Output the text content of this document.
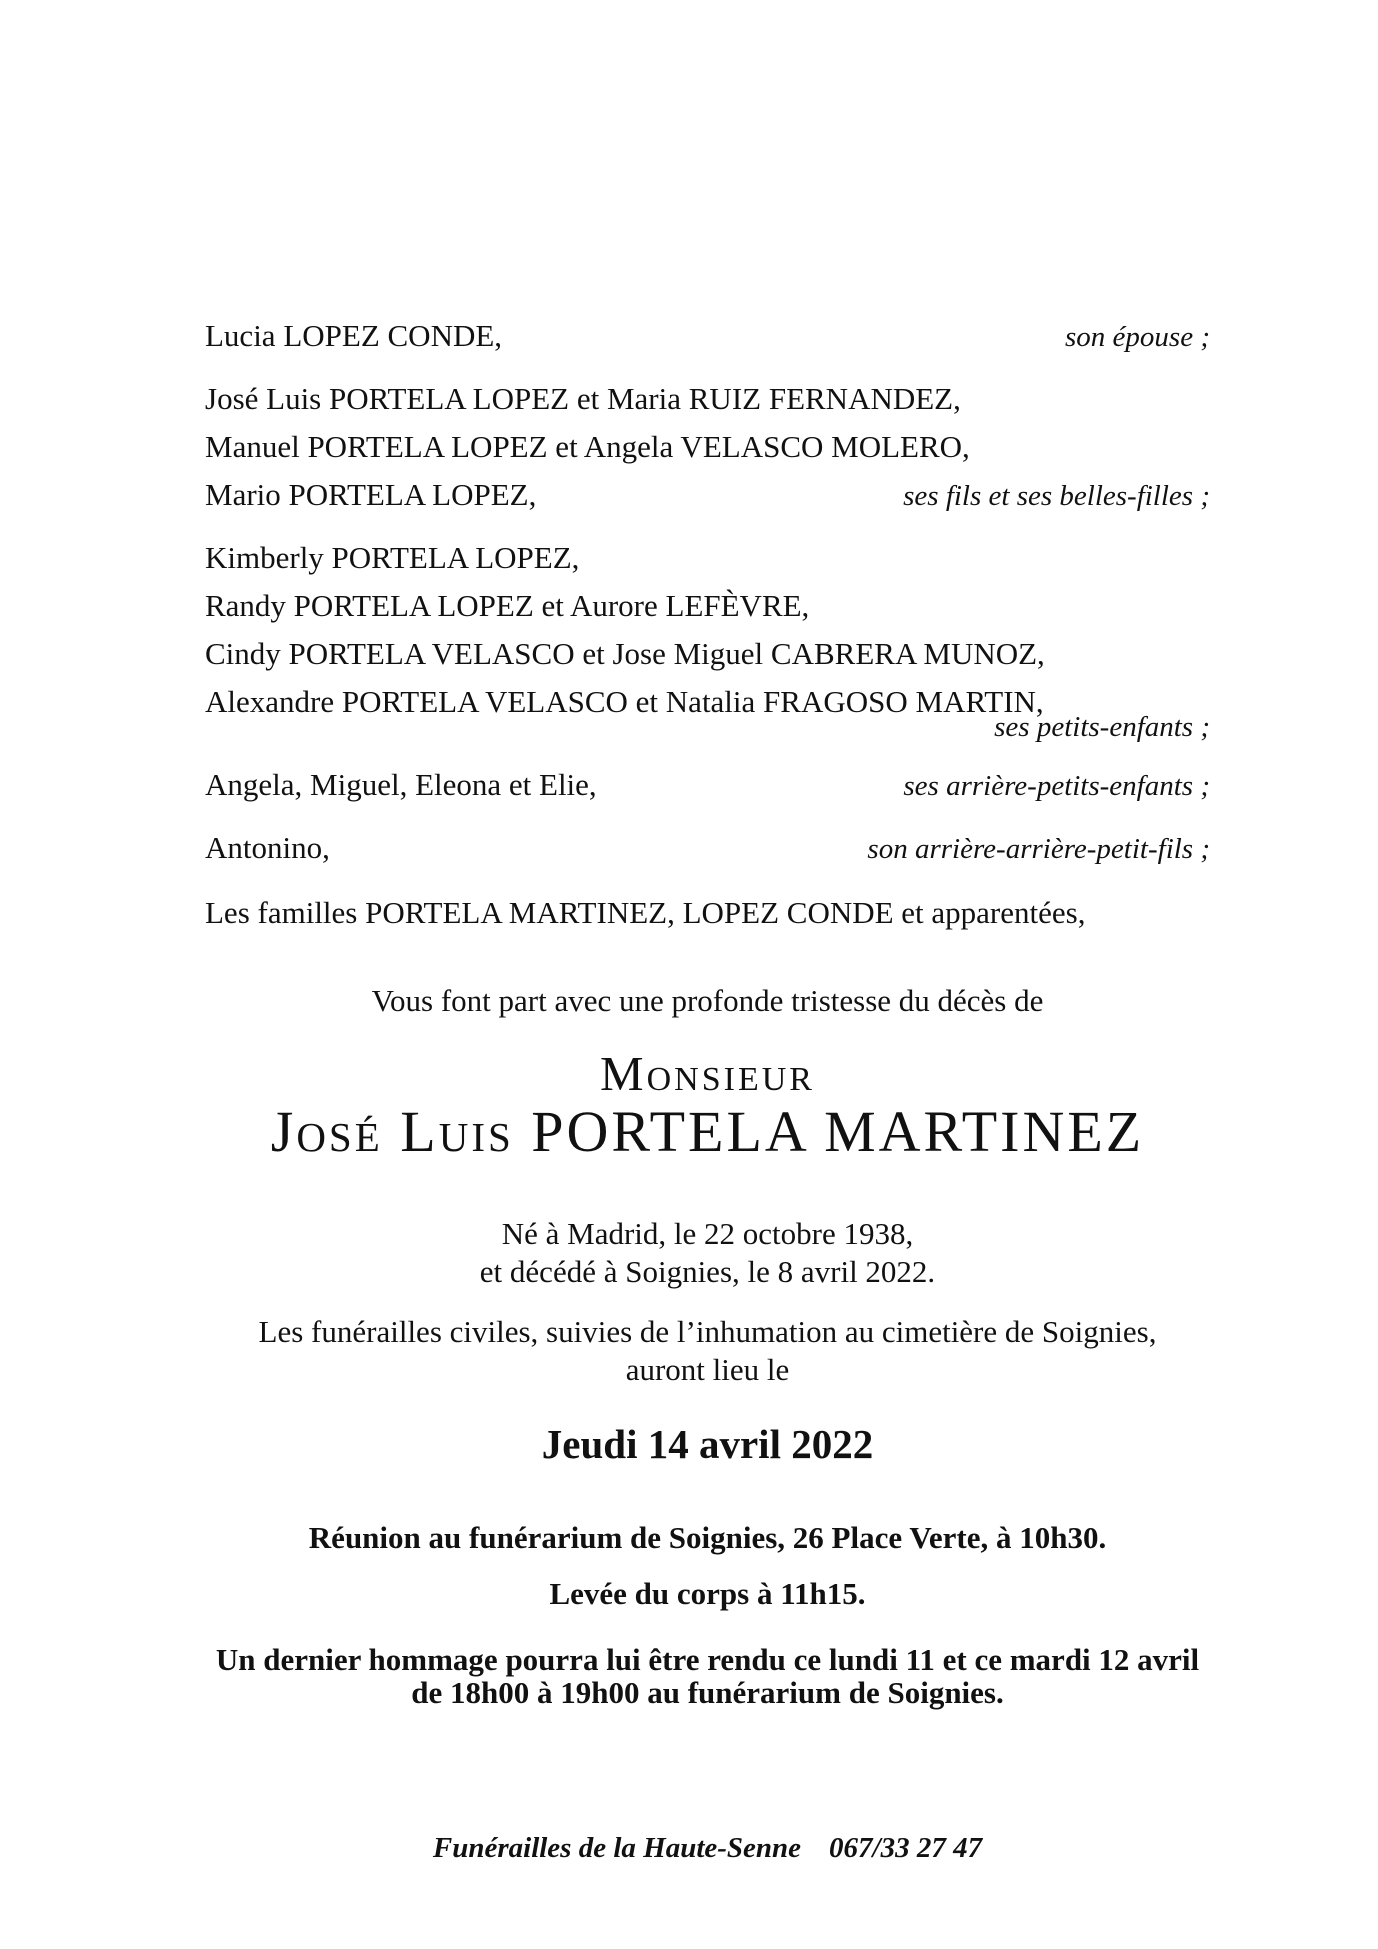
Lucia LOPEZ CONDE,	son épouse ;
José Luis PORTELA LOPEZ et Maria RUIZ FERNANDEZ,
Manuel PORTELA LOPEZ et Angela VELASCO MOLERO,
Mario PORTELA LOPEZ,	ses fils et ses belles-filles ;
Kimberly PORTELA LOPEZ,
Randy PORTELA LOPEZ et Aurore LEFÈVRE,
Cindy PORTELA VELASCO et Jose Miguel CABRERA MUNOZ,
Alexandre PORTELA VELASCO et Natalia FRAGOSO MARTIN,
ses petits-enfants ;
Angela, Miguel, Eleona et Elie,	ses arrière-petits-enfants ;
Antonino,	son arrière-arrière-petit-fils ;
Les familles PORTELA MARTINEZ, LOPEZ CONDE et apparentées,
Vous font part avec une profonde tristesse du décès de
Monsieur
José Luis PORTELA MARTINEZ
Né à Madrid, le 22 octobre 1938,
et décédé à Soignies, le 8 avril 2022.
Les funérailles civiles, suivies de l’inhumation au cimetière de Soignies,
auront lieu le
Jeudi 14 avril 2022
Réunion au funérarium de Soignies, 26 Place Verte, à 10h30.
Levée du corps à 11h15.
Un dernier hommage pourra lui être rendu ce lundi 11 et ce mardi 12 avril de 18h00 à 19h00 au funérarium de Soignies.
Funérailles de la Haute-Senne 067/33 27 47
